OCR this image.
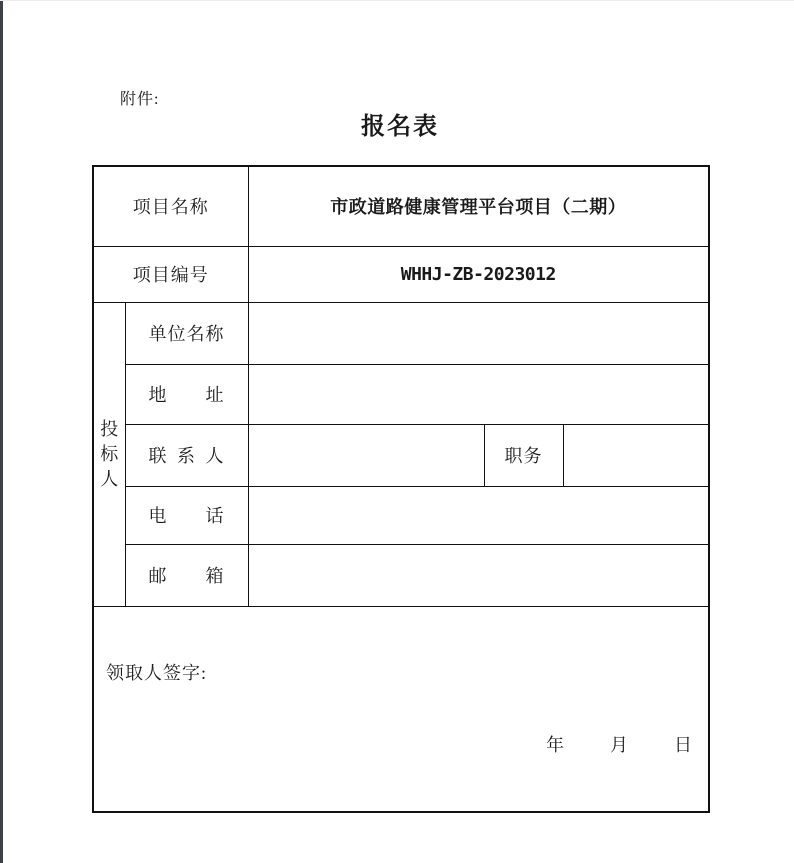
附件:
报名表
项目名称		市政道路健康管理平台项目（二期）		
项目编号		WHHJ-ZB-2023012		
投标人	单位名称			
	地址			
	联系人		职务	
	电话			
	邮箱			

领取人签字:
年 月 日				
